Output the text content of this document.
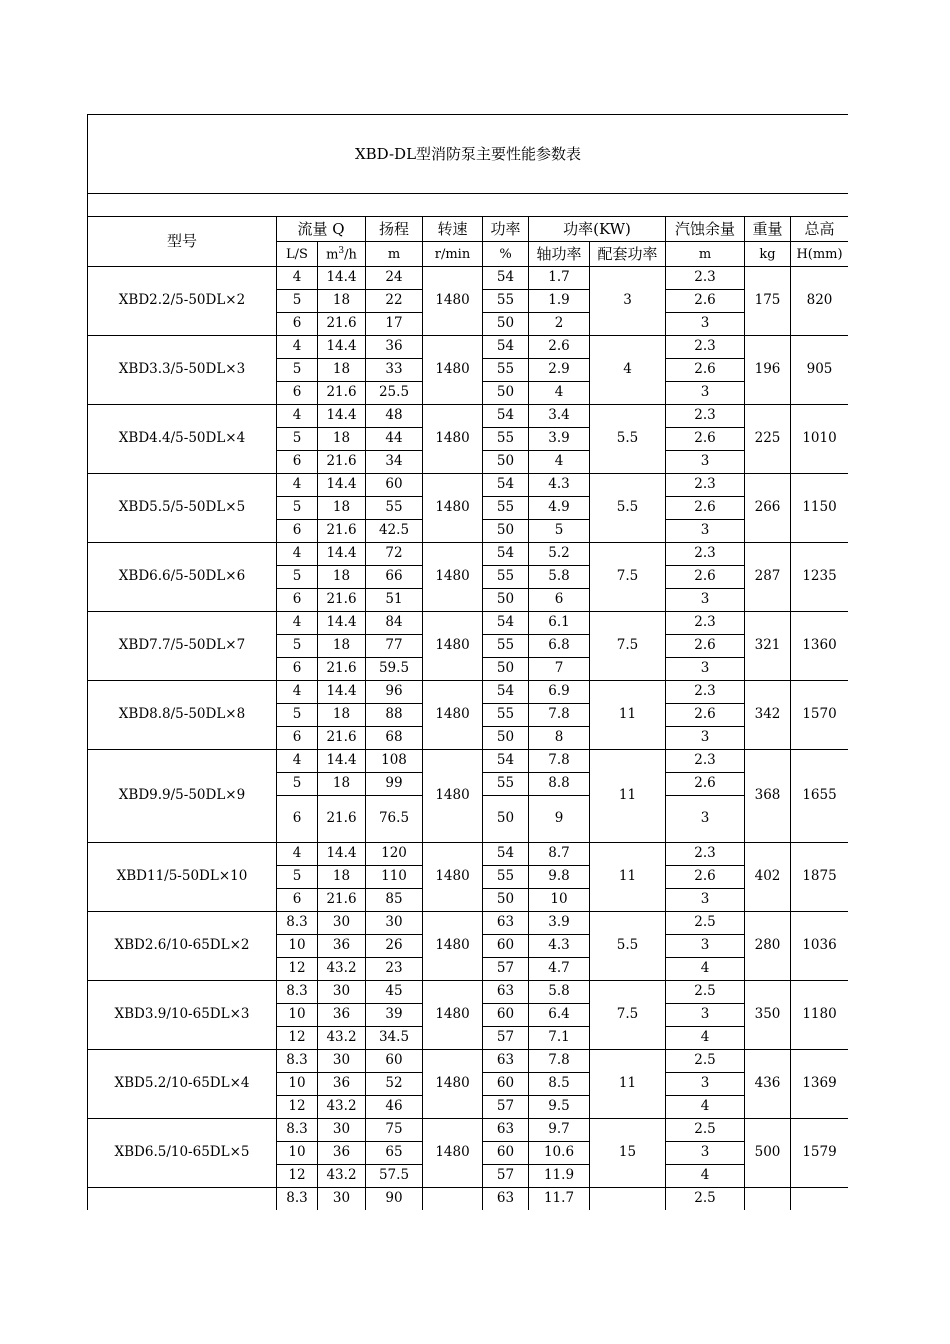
XBD-DL型消防泵主要性能参数表										

型号	流量 Q		扬程	转速	功率	功率(KW)		汽蚀余量	重量	总高
	L/S	$m^3/h$	m	r/min	%	轴功率	配套功率	m	kg	H(mm)
XBD2.2/5-50DL×2	4	14.4	24	1480	54	1.7	3	2.3	175	820
	5	18	22		55	1.9		2.6		
	6	21.6	17		50	2		3		
XBD3.3/5-50DL×3	4	14.4	36	1480	54	2.6	4	2.3	196	905
	5	18	33		55	2.9		2.6		
	6	21.6	25.5		50	4		3		
XBD4.4/5-50DL×4	4	14.4	48	1480	54	3.4	5.5	2.3	225	1010
	5	18	44		55	3.9		2.6		
	6	21.6	34		50	4		3		
XBD5.5/5-50DL×5	4	14.4	60	1480	54	4.3	5.5	2.3	266	1150
	5	18	55		55	4.9		2.6		
	6	21.6	42.5		50	5		3		
XBD6.6/5-50DL×6	4	14.4	72	1480	54	5.2	7.5	2.3	287	1235
	5	18	66		55	5.8		2.6		
	6	21.6	51		50	6		3		
XBD7.7/5-50DL×7	4	14.4	84	1480	54	6.1	7.5	2.3	321	1360
	5	18	77		55	6.8		2.6		
	6	21.6	59.5		50	7		3		
XBD8.8/5-50DL×8	4	14.4	96	1480	54	6.9	11	2.3	342	1570
	5	18	88		55	7.8		2.6		
	6	21.6	68		50	8		3		
XBD9.9/5-50DL×9	4	14.4	108	1480	54	7.8	11	2.3	368	1655
	5	18	99		55	8.8		2.6		
	6	21.6	76.5		50	9		3		
XBD11/5-50DL×10	4	14.4	120	1480	54	8.7	11	2.3	402	1875
	5	18	110		55	9.8		2.6		
	6	21.6	85		50	10		3		
XBD2.6/10-65DL×2	8.3	30	30	1480	63	3.9	5.5	2.5	280	1036
	10	36	26		60	4.3		3		
	12	43.2	23		57	4.7		4		
XBD3.9/10-65DL×3	8.3	30	45	1480	63	5.8	7.5	2.5	350	1180
	10	36	39		60	6.4		3		
	12	43.2	34.5		57	7.1		4		
XBD5.2/10-65DL×4	8.3	30	60	1480	63	7.8	11	2.5	436	1369
	10	36	52		60	8.5		3		
	12	43.2	46		57	9.5		4		
XBD6.5/10-65DL×5	8.3	30	75	1480	63	9.7	15	2.5	500	1579
	10	36	65		60	10.6		3		
	12	43.2	57.5		57	11.9		4		
	8.3	30	90		63	11.7		2.5		
